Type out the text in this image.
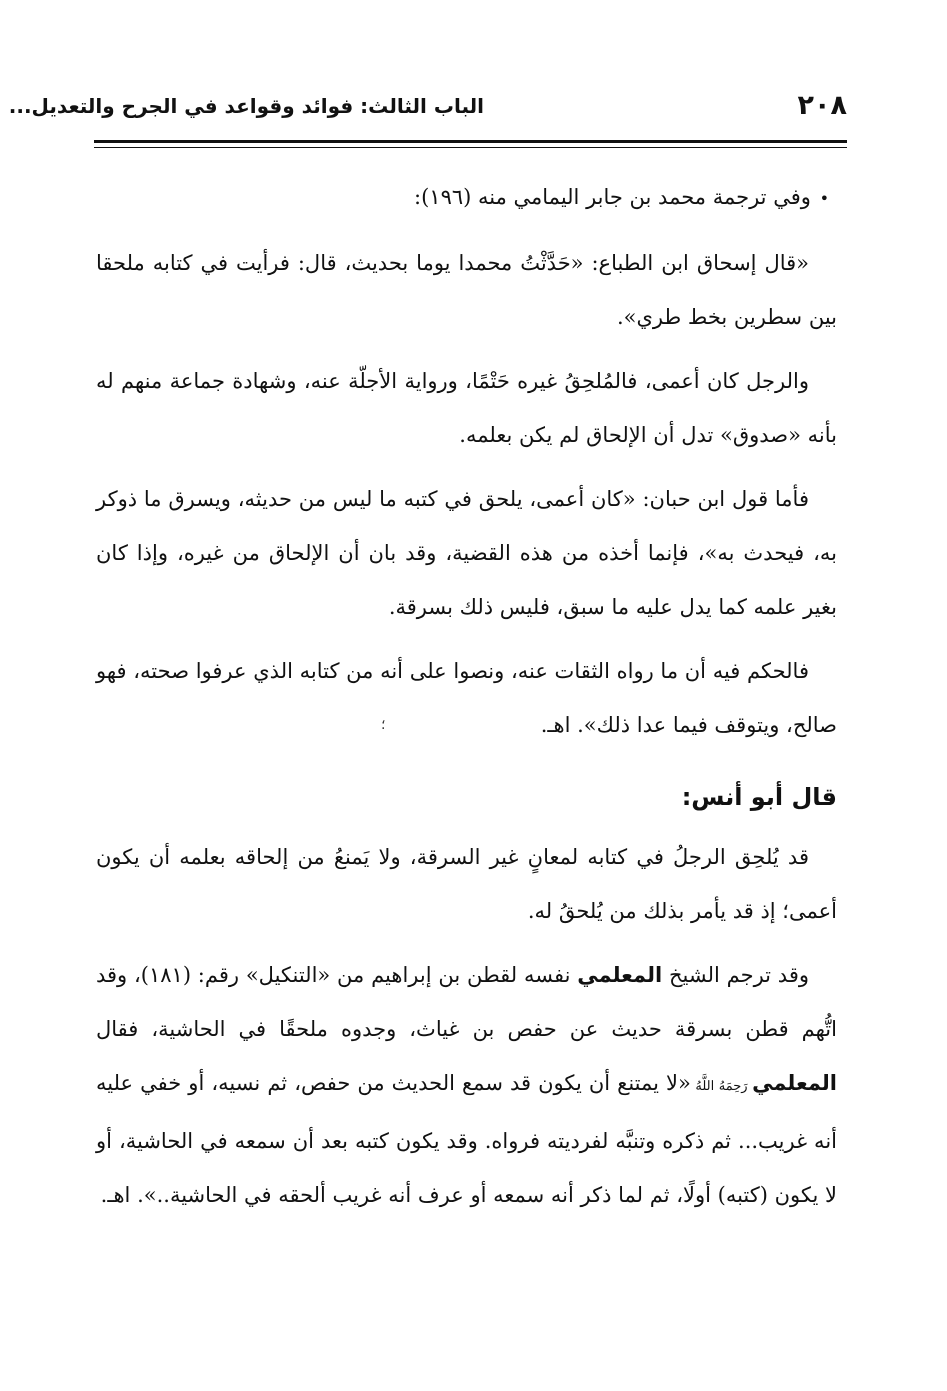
٢٠٨
الباب الثالث: فوائد وقواعد في الجرح والتعديل...

• وفي ترجمة محمد بن جابر اليمامي منه (١٩٦):

«قال إسحاق ابن الطباع: «حَدَّثْتُ محمدا يوما بحديث، قال: فرأيت في كتابه ملحقا بين سطرين بخط طري».

والرجل كان أعمى، فالمُلحِقُ غيره حَتْمًا، ورواية الأجلّة عنه، وشهادة جماعة منهم له بأنه «صدوق» تدل أن الإلحاق لم يكن بعلمه.

فأما قول ابن حبان: «كان أعمى، يلحق في كتبه ما ليس من حديثه، ويسرق ما ذوكر به، فيحدث به»، فإنما أخذه من هذه القضية، وقد بان أن الإلحاق من غيره، وإذا كان بغير علمه كما يدل عليه ما سبق، فليس ذلك بسرقة.

فالحكم فيه أن ما رواه الثقات عنه، ونصوا على أنه من كتابه الذي عرفوا صحته، فهو صالح، ويتوقف فيما عدا ذلك». اهـ.

قال أبو أنس:

قد يُلحِق الرجلُ في كتابه لمعانٍ غير السرقة، ولا يَمنعُ من إلحاقه بعلمه أن يكون أعمى؛ إذ قد يأمر بذلك من يُلحقُ له.

وقد ترجم الشيخ المعلمي نفسه لقطن بن إبراهيم من «التنكيل» رقم: (١٨١)، وقد اتُّهم قطن بسرقة حديث عن حفص بن غياث، وجدوه ملحقًا في الحاشية، فقال المعلمي رَحِمَهُ اللَّهُ «لا يمتنع أن يكون قد سمع الحديث من حفص، ثم نسيه، أو خفي عليه أنه غريب... ثم ذكره وتنبَّه لفرديته فرواه. وقد يكون كتبه بعد أن سمعه في الحاشية، أو لا يكون (كتبه) أولًا، ثم لما ذكر أنه سمعه أو عرف أنه غريب ألحقه في الحاشية..». اهـ.

؛
